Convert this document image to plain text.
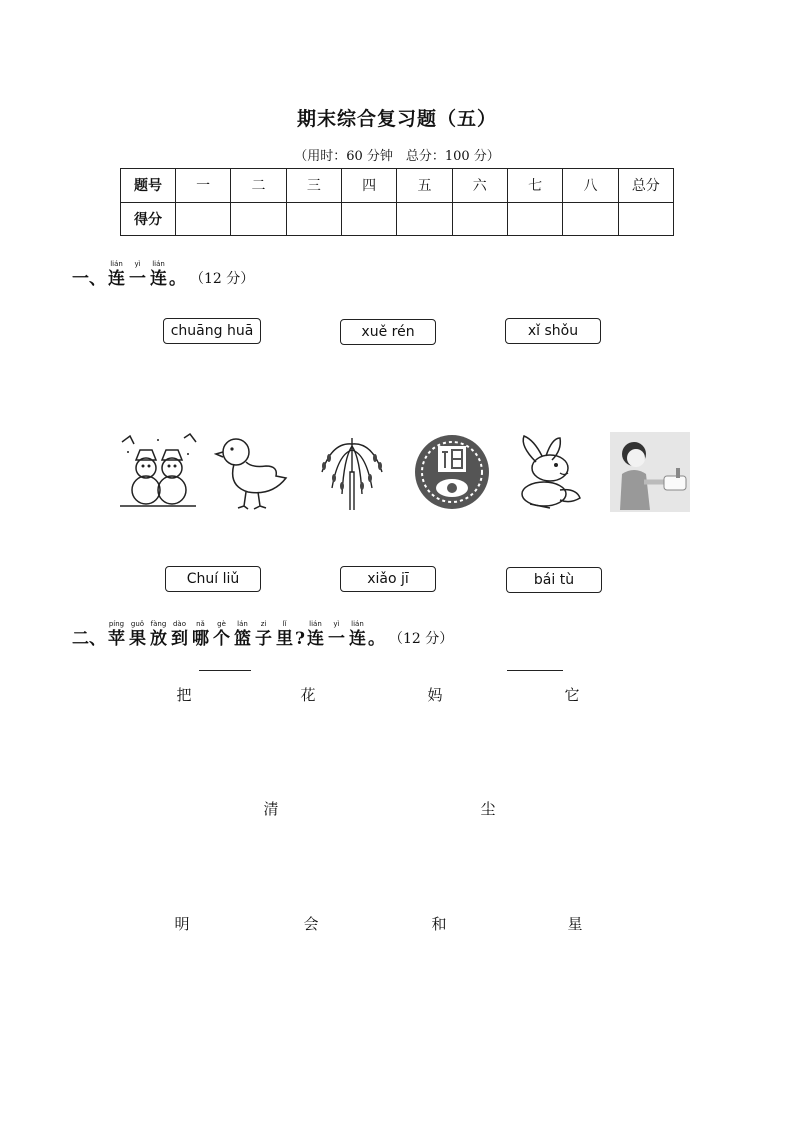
期末综合复习题（五）
（用时：60 分钟　总分：100 分）
题号	一	二	三	四	五	六	七	八	总分
得分									
一、
lián
连
yì
一
lián
连 。 （12 分）
chuāng huā	xuě rén	xǐ shǒu
Chuí liǔ	xiǎo jī	bái tù
二、
píng
苹
guǒ
果
fàng
放
dào
到
nǎ
哪
gè
个
lán
篮
zi
子
lǐ
里 ?
lián
连
yì
一
lián
连 。 （12 分）
把	花	妈	它
清	尘
明	会	和	星
